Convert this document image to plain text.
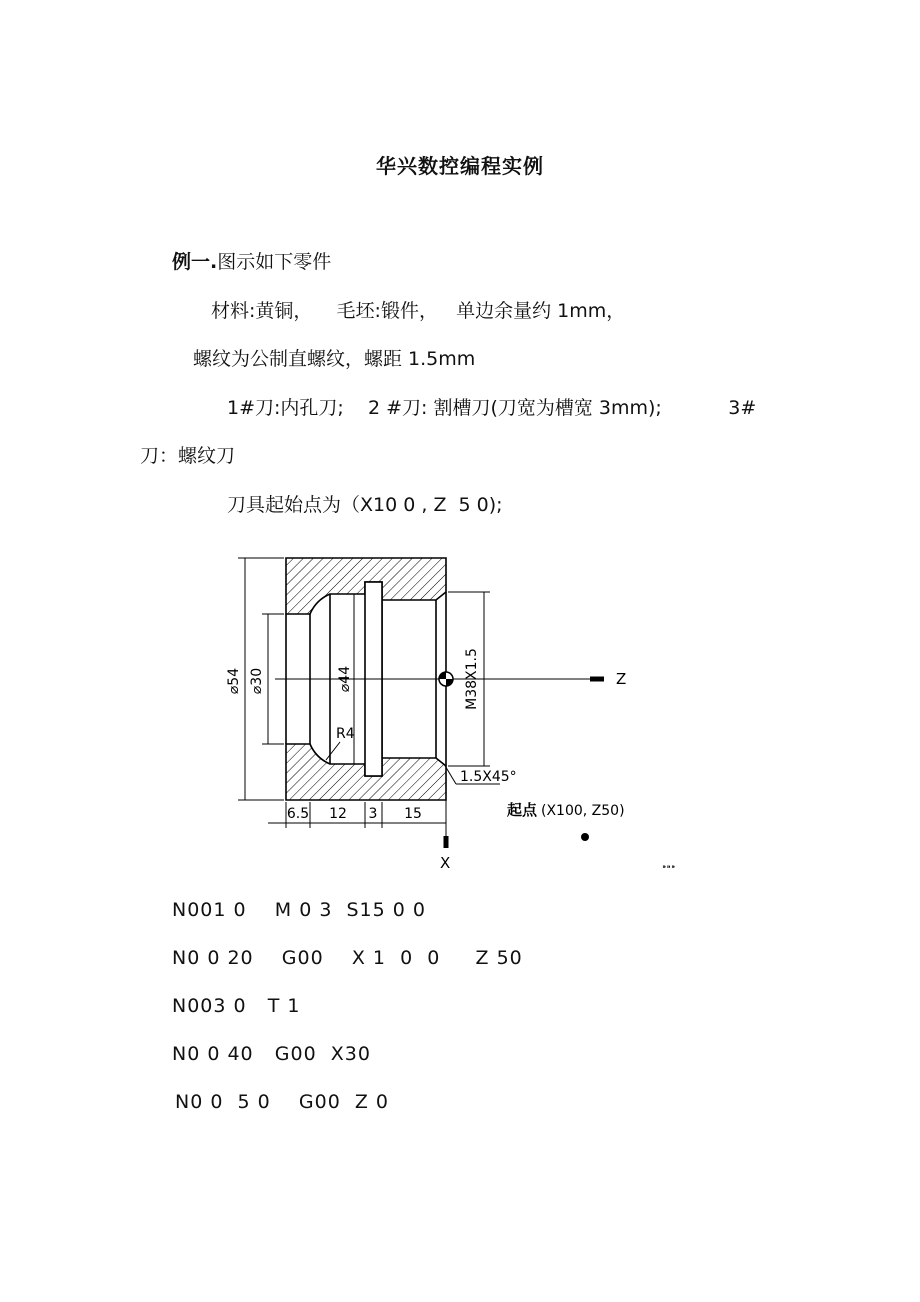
华兴数控编程实例
例一.图示如下零件
材料:黄铜，    毛坯:锻件，   单边余量约 1mm，
螺纹为公制直螺纹，螺距 1.5mm
1#刀:内孔刀;    2 #刀: 割槽刀(刀宽为槽宽 3mm);           3#
刀：螺纹刀
刀具起始点为（X10 0 , Z  5 0);
Z
X
⌀54 ⌀30	⌀44	M38X1.5
R4
1.5X45°
6.5 12 3 15	起点 (X100, Z50)
⁍⁍⁍
N001 0    M 0 3  S15 0 0
N0 0 20    G00    X 1  0  0     Z 50
N003 0   T 1
N0 0 40   G00  X30
N0 0  5 0    G00  Z 0
